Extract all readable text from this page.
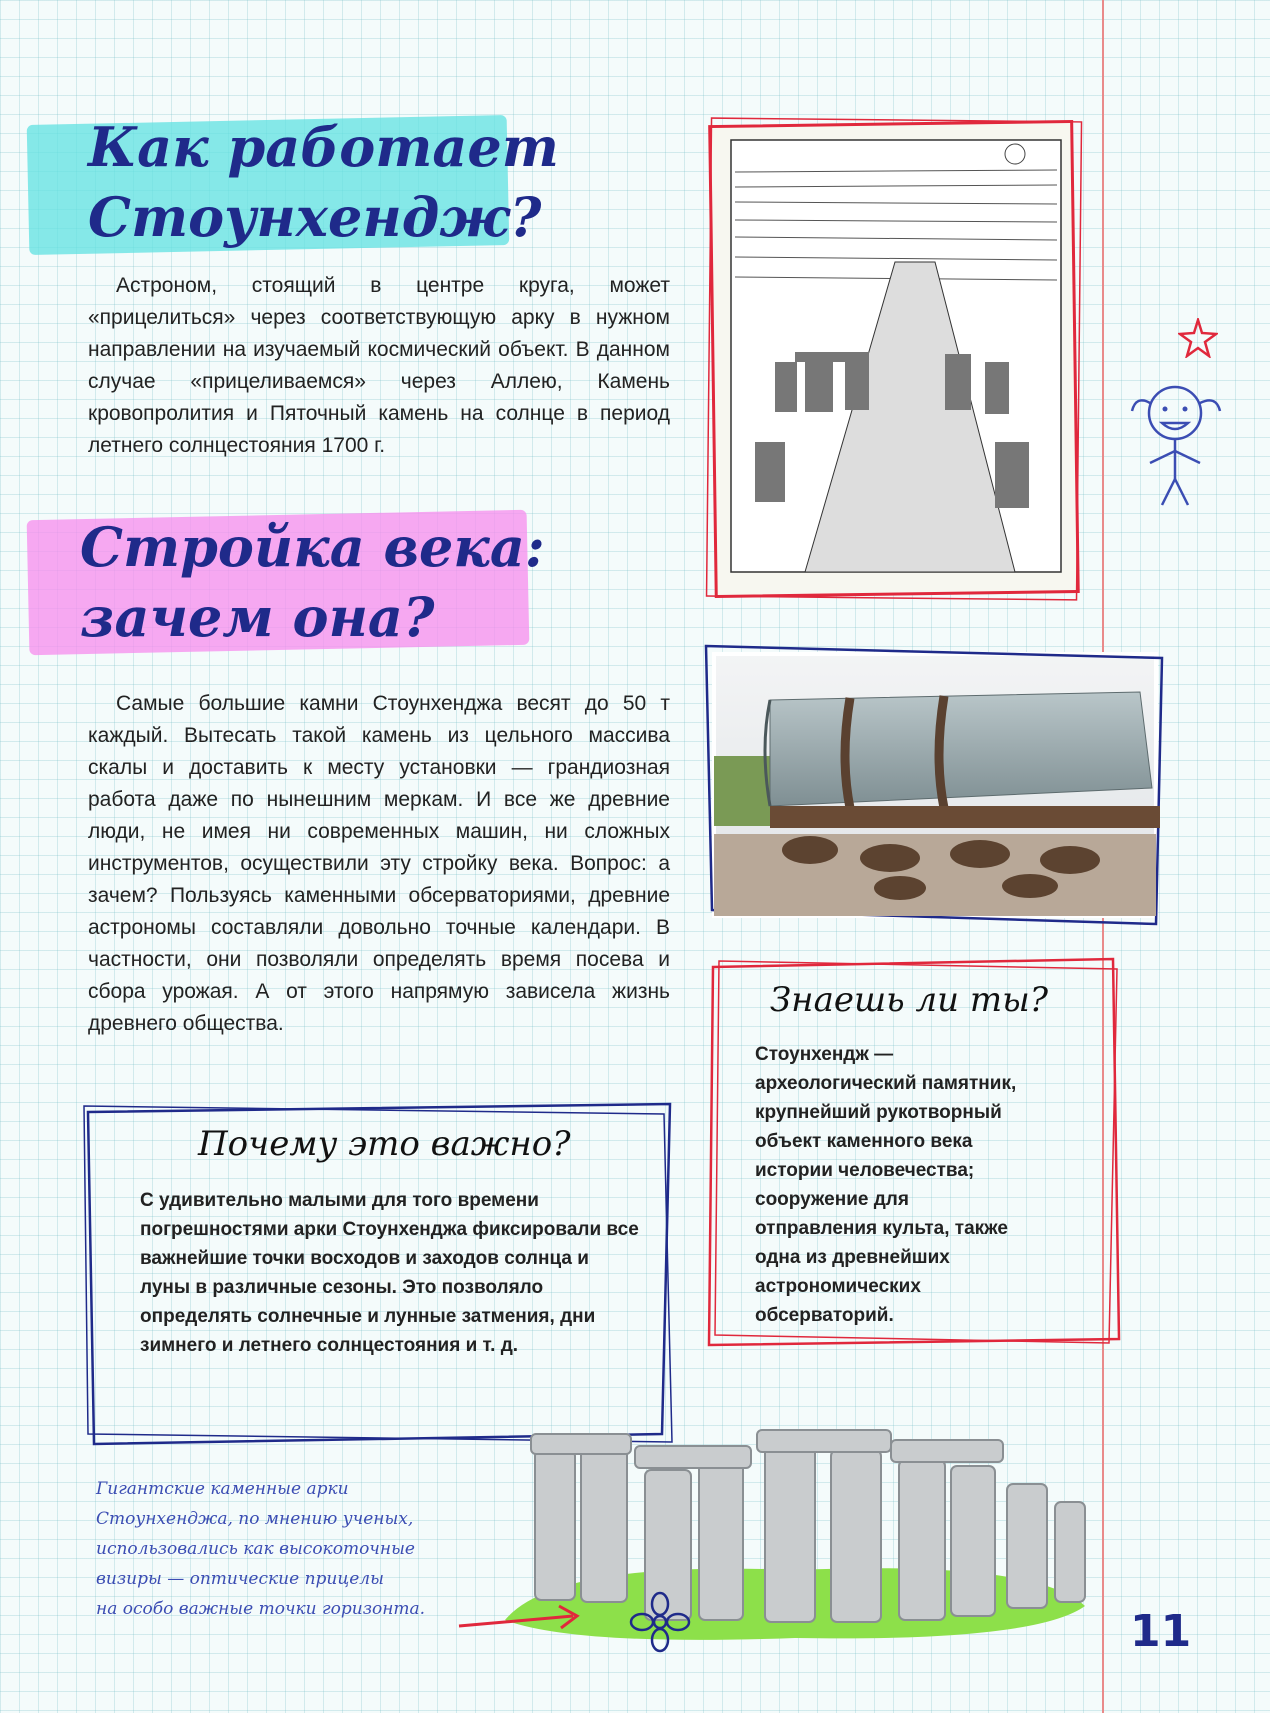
Как работает
Стоунхендж?

Астроном, стоящий в центре круга, может «прицелиться» через соответствующую арку в нужном направлении на изучаемый космический объект. В данном случае «прицеливаемся» через Аллею, Камень кровопролития и Пяточный камень на солнце в период летнего солнцестояния 1700 г.

Стройка века:
зачем она?

Самые большие камни Стоунхенджа весят до 50 т каждый. Вытесать такой камень из цельного массива скалы и доставить к месту установки — грандиозная работа даже по нынешним меркам. И все же древние люди, не имея ни современных машин, ни сложных инструментов, осуществили эту стройку века. Вопрос: а зачем? Пользуясь каменными обсерваториями, древние астрономы составляли довольно точные календари. В частности, они позволяли определять время посева и сбора урожая. А от этого напрямую зависела жизнь древнего общества.

Знаешь ли ты?

Стоунхендж — археологический памятник, крупнейший рукотворный объект каменного века истории человечества; сооружение для отправления культа, также одна из древнейших астрономических обсерваторий.

Почему это важно?

С удивительно малыми для того времени погрешностями арки Стоунхенджа фиксировали все важнейшие точки восходов и заходов солнца и луны в различные сезоны. Это позволяло определять солнечные и лунные затмения, дни зимнего и летнего солнцестояния и т. д.

Гигантские каменные арки
Стоунхенджа, по мнению ученых,
использовались как высокоточные
визиры — оптические прицелы
на особо важные точки горизонта.	11
